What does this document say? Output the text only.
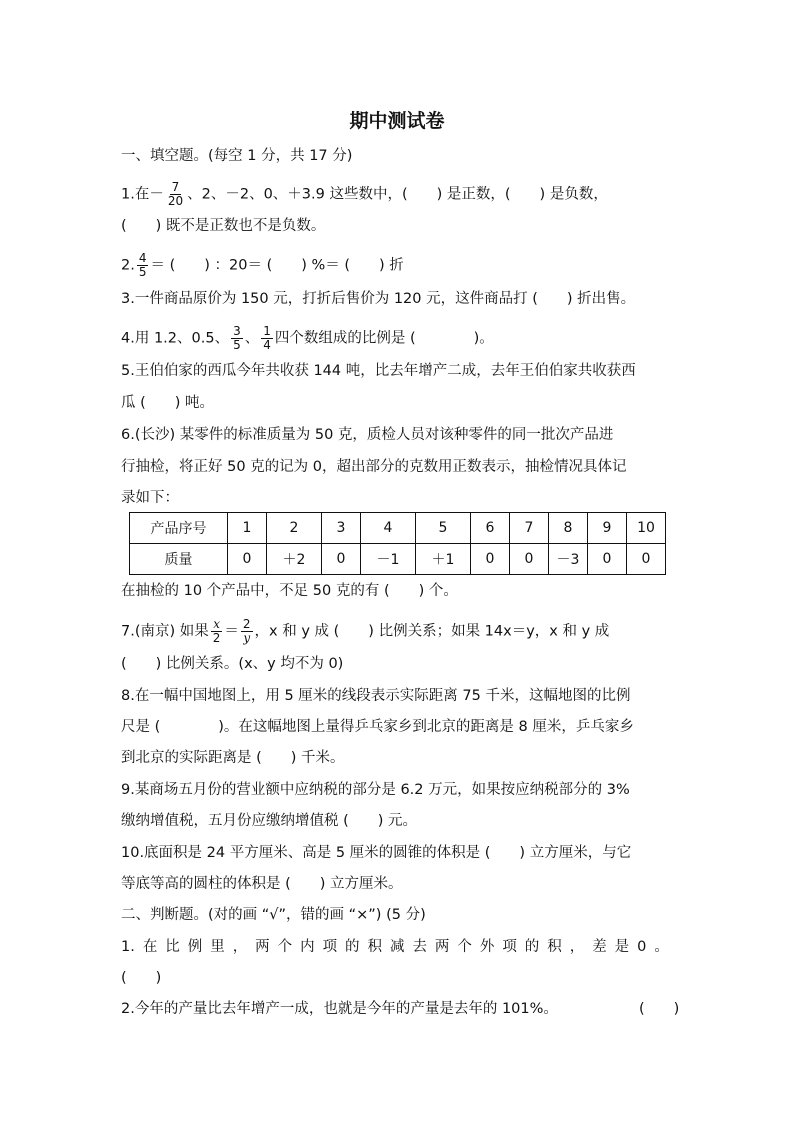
期中测试卷
一、填空题。(每空 1 分，共 17 分)
1.在－ $\frac{7}{20}$ 、2、－2、0、＋3.9 这些数中，(　　) 是正数，(　　) 是负数，
(　　) 既不是正数也不是负数。
2. $\frac{4}{5}$ ＝ (　　) ：20＝ (　　) %＝ (　　) 折
3.一件商品原价为 150 元，打折后售价为 120 元，这件商品打 (　　) 折出售。
4.用 1.2、0.5、 $\frac{3}{5}$ 、 $\frac{1}{4}$ 四个数组成的比例是 (　　　　)。
5.王伯伯家的西瓜今年共收获 144 吨，比去年增产二成，去年王伯伯家共收获西
瓜 (　　) 吨。
6.(长沙) 某零件的标准质量为 50 克，质检人员对该种零件的同一批次产品进
行抽检，将正好 50 克的记为 0，超出部分的克数用正数表示，抽检情况具体记
录如下：
产品序号	1	2	3	4	5	6	7	8	9	10
质量	0	＋2	0	－1	＋1	0	0	－3	0	0
在抽检的 10 个产品中，不足 50 克的有 (　　) 个。
7.(南京) 如果 $\frac{x}{2} = \frac{2}{y}$ ，x 和 y 成 (　　) 比例关系；如果 14x＝y，x 和 y 成
(　　) 比例关系。(x、y 均不为 0)
8.在一幅中国地图上，用 5 厘米的线段表示实际距离 75 千米，这幅地图的比例
尺是 (　　　　)。在这幅地图上量得乒乓家乡到北京的距离是 8 厘米，乒乓家乡
到北京的实际距离是 (　　) 千米。
9.某商场五月份的营业额中应纳税的部分是 6.2 万元，如果按应纳税部分的 3%
缴纳增值税，五月份应缴纳增值税 (　　) 元。
10.底面积是 24 平方厘米、高是 5 厘米的圆锥的体积是 (　　) 立方厘米，与它
等底等高的圆柱的体积是 (　　) 立方厘米。
二、判断题。(对的画 “√”，错的画 “×”) (5 分)
1. 在 比 例 里 ， 两 个 内 项 的 积 减 去 两 个 外 项 的 积 ， 差 是 0 。
(　　)
2.今年的产量比去年增产一成，也就是今年的产量是去年的 101%。	(　　)
